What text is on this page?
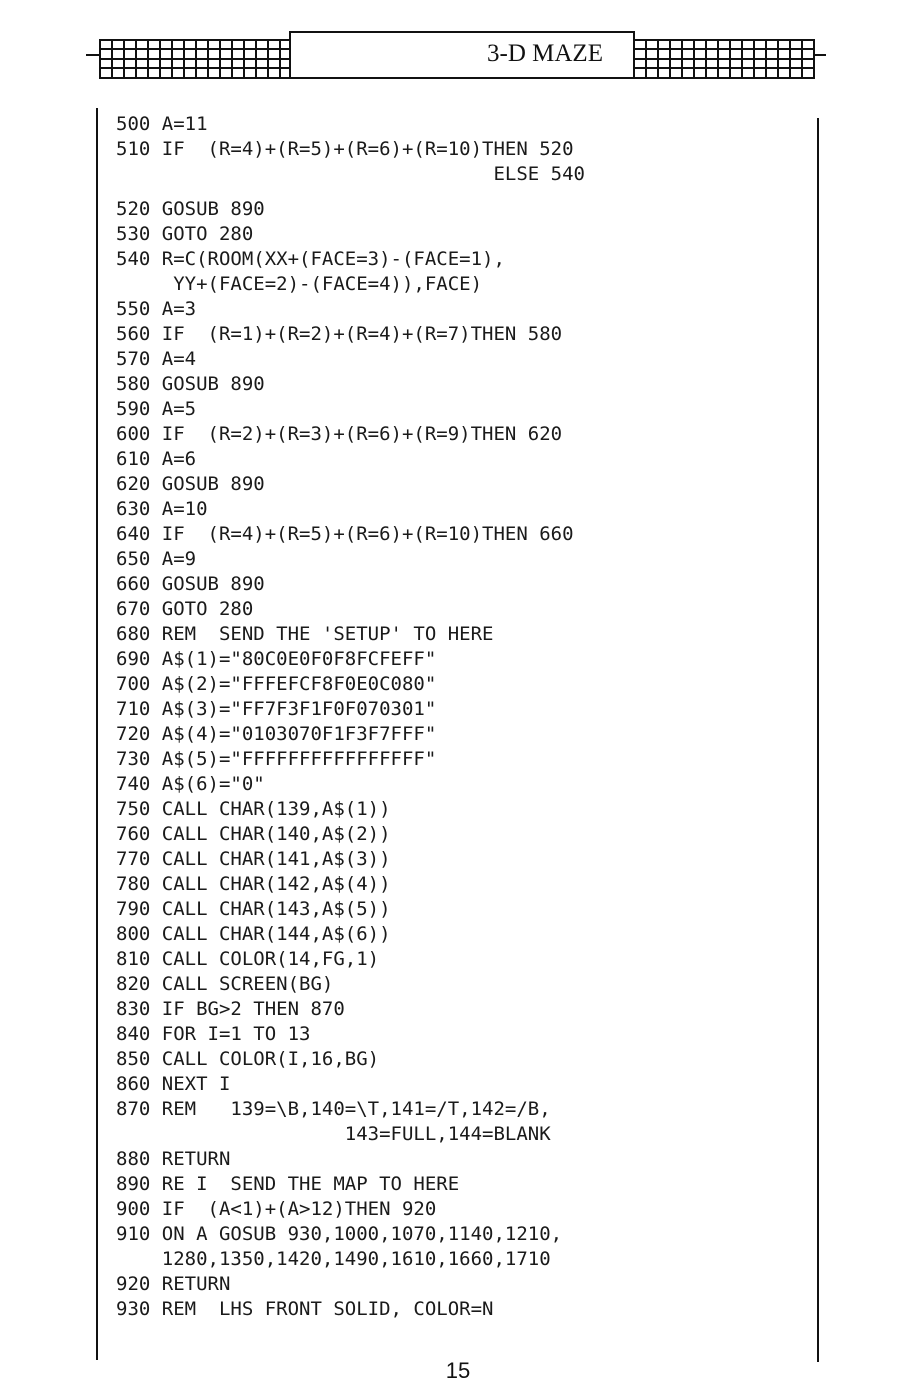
3-D MAZE
500 A=11
510 IF  (R=4)+(R=5)+(R=6)+(R=10)THEN 520
ELSE 540
520 GOSUB 890
530 GOTO 280
540 R=C(ROOM(XX+(FACE=3)-(FACE=1),
YY+(FACE=2)-(FACE=4)),FACE)
550 A=3
560 IF  (R=1)+(R=2)+(R=4)+(R=7)THEN 580
570 A=4
580 GOSUB 890
590 A=5
600 IF  (R=2)+(R=3)+(R=6)+(R=9)THEN 620
610 A=6
620 GOSUB 890
630 A=10
640 IF  (R=4)+(R=5)+(R=6)+(R=10)THEN 660
650 A=9
660 GOSUB 890
670 GOTO 280
680 REM  SEND THE 'SETUP' TO HERE
690 A$(1)="80C0E0F0F8FCFEFF"
700 A$(2)="FFFEFCF8F0E0C080"
710 A$(3)="FF7F3F1F0F070301"
720 A$(4)="0103070F1F3F7FFF"
730 A$(5)="FFFFFFFFFFFFFFFF"
740 A$(6)="0"
750 CALL CHAR(139,A$(1))
760 CALL CHAR(140,A$(2))
770 CALL CHAR(141,A$(3))
780 CALL CHAR(142,A$(4))
790 CALL CHAR(143,A$(5))
800 CALL CHAR(144,A$(6))
810 CALL COLOR(14,FG,1)
820 CALL SCREEN(BG)
830 IF BG>2 THEN 870
840 FOR I=1 TO 13
850 CALL COLOR(I,16,BG)
860 NEXT I
870 REM   139=\B,140=\T,141=/T,142=/B,
143=FULL,144=BLANK
880 RETURN
890 RE I  SEND THE MAP TO HERE
900 IF  (A<1)+(A>12)THEN 920
910 ON A GOSUB 930,1000,1070,1140,1210,
1280,1350,1420,1490,1610,1660,1710
920 RETURN
930 REM  LHS FRONT SOLID, COLOR=N
15
